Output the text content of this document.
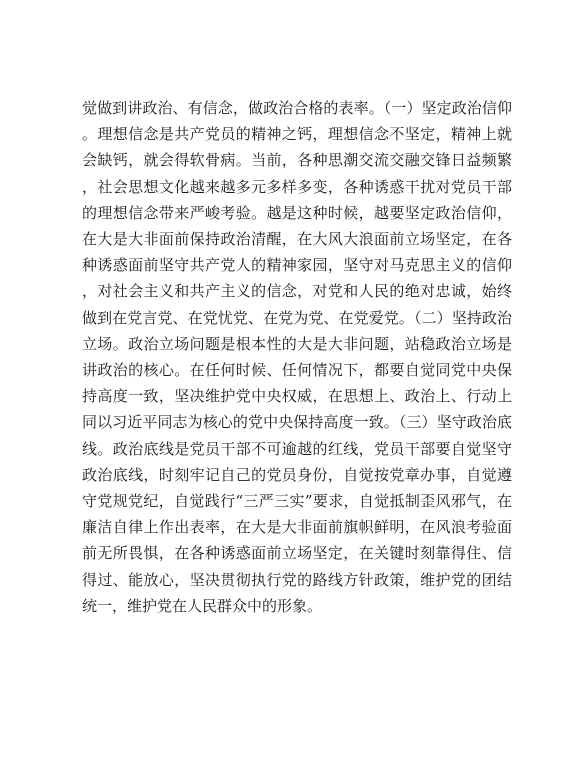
觉做到讲政治、有信念，做政治合格的表率。（一）坚定政治信仰。理想信念是共产党员的精神之钙，理想信念不坚定，精神上就会缺钙，就会得软骨病。当前，各种思潮交流交融交锋日益频繁，社会思想文化越来越多元多样多变，各种诱惑干扰对党员干部的理想信念带来严峻考验。越是这种时候，越要坚定政治信仰，在大是大非面前保持政治清醒，在大风大浪面前立场坚定，在各种诱惑面前坚守共产党人的精神家园，坚守对马克思主义的信仰，对社会主义和共产主义的信念，对党和人民的绝对忠诚，始终做到在党言党、在党忧党、在党为党、在党爱党。（二）坚持政治立场。政治立场问题是根本性的大是大非问题，站稳政治立场是讲政治的核心。在任何时候、任何情况下，都要自觉同党中央保持高度一致，坚决维护党中央权威，在思想上、政治上、行动上同以习近平同志为核心的党中央保持高度一致。（三）坚守政治底线。政治底线是党员干部不可逾越的红线，党员干部要自觉坚守政治底线，时刻牢记自己的党员身份，自觉按党章办事，自觉遵守党规党纪，自觉践行“三严三实”要求，自觉抵制歪风邪气，在廉洁自律上作出表率，在大是大非面前旗帜鲜明，在风浪考验面前无所畏惧，在各种诱惑面前立场坚定，在关键时刻靠得住、信得过、能放心，坚决贯彻执行党的路线方针政策，维护党的团结统一，维护党在人民群众中的形象。
